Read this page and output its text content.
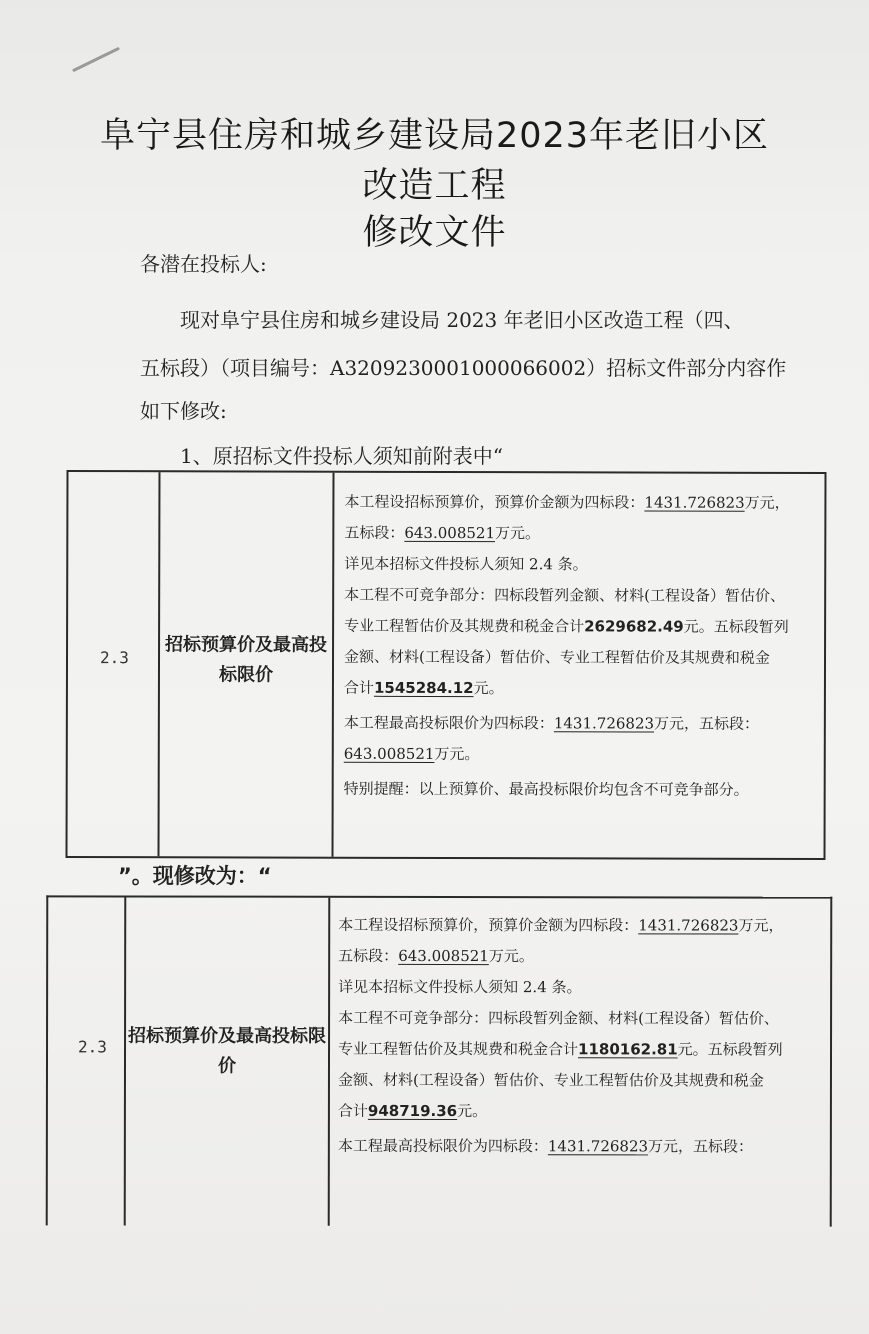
阜宁县住房和城乡建设局2023年老旧小区
改造工程
修改文件
各潜在投标人:
现对阜宁县住房和城乡建设局 2023 年老旧小区改造工程（四、
五标段）（项目编号：A3209230001000066002）招标文件部分内容作
如下修改:
1、原招标文件投标人须知前附表中“
2.3
招标预算价及最高投标限价
本工程设招标预算价，预算价金额为四标段：1431.726823万元，
五标段：643.008521万元。
详见本招标文件投标人须知 2.4 条。
本工程不可竞争部分：四标段暂列金额、材料(工程设备）暂估价、
专业工程暂估价及其规费和税金合计2629682.49元。五标段暂列
金额、材料(工程设备）暂估价、专业工程暂估价及其规费和税金
合计1545284.12元。
本工程最高投标限价为四标段：1431.726823万元，五标段：
643.008521万元。
特别提醒：以上预算价、最高投标限价均包含不可竞争部分。
”。现修改为：“
2.3
招标预算价及最高投标限价
本工程设招标预算价，预算价金额为四标段：1431.726823万元，
五标段：643.008521万元。
详见本招标文件投标人须知 2.4 条。
本工程不可竞争部分：四标段暂列金额、材料(工程设备）暂估价、
专业工程暂估价及其规费和税金合计1180162.81元。五标段暂列
金额、材料(工程设备）暂估价、专业工程暂估价及其规费和税金
合计948719.36元。
本工程最高投标限价为四标段：1431.726823万元，五标段：
